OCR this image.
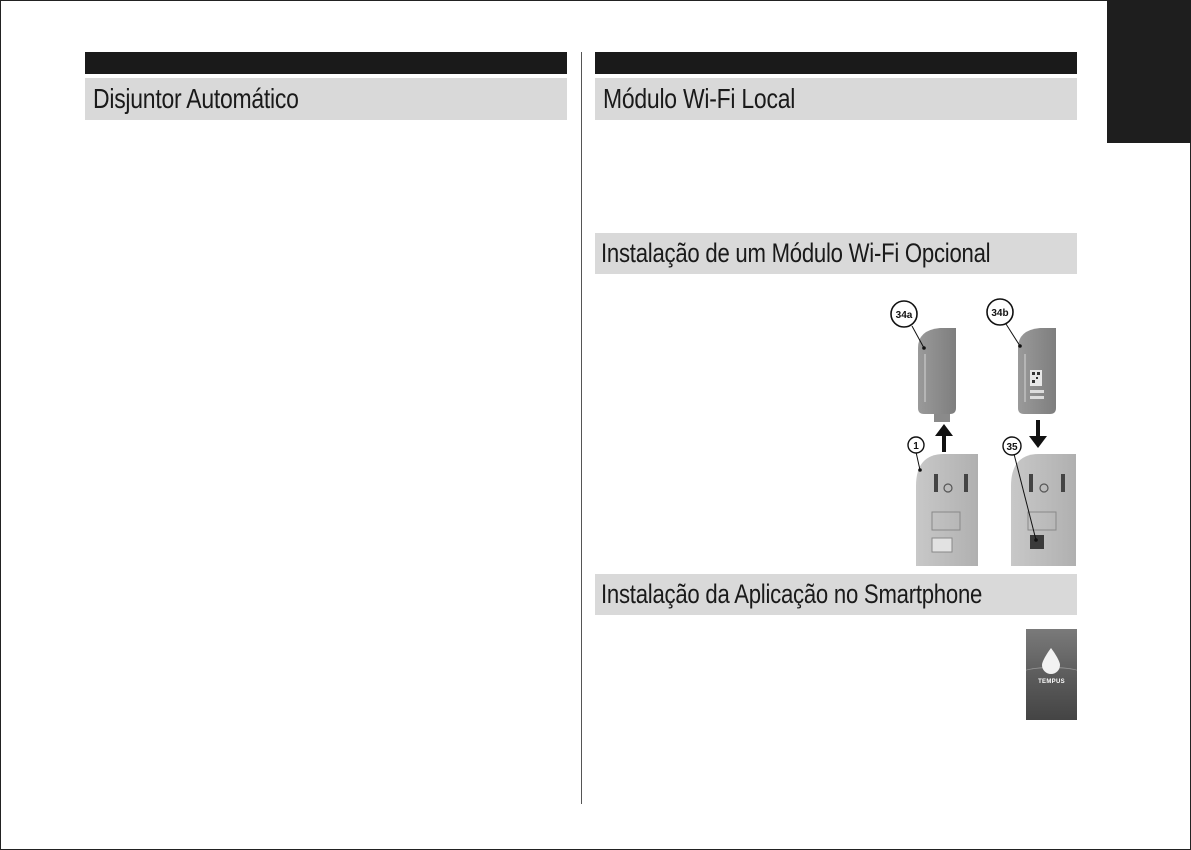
Disjuntor Automático	Módulo Wi-Fi Local
Instalação de um Módulo Wi-Fi Opcional
34a	34b
1	35
Instalação da Aplicação no Smartphone
TEMPUS
